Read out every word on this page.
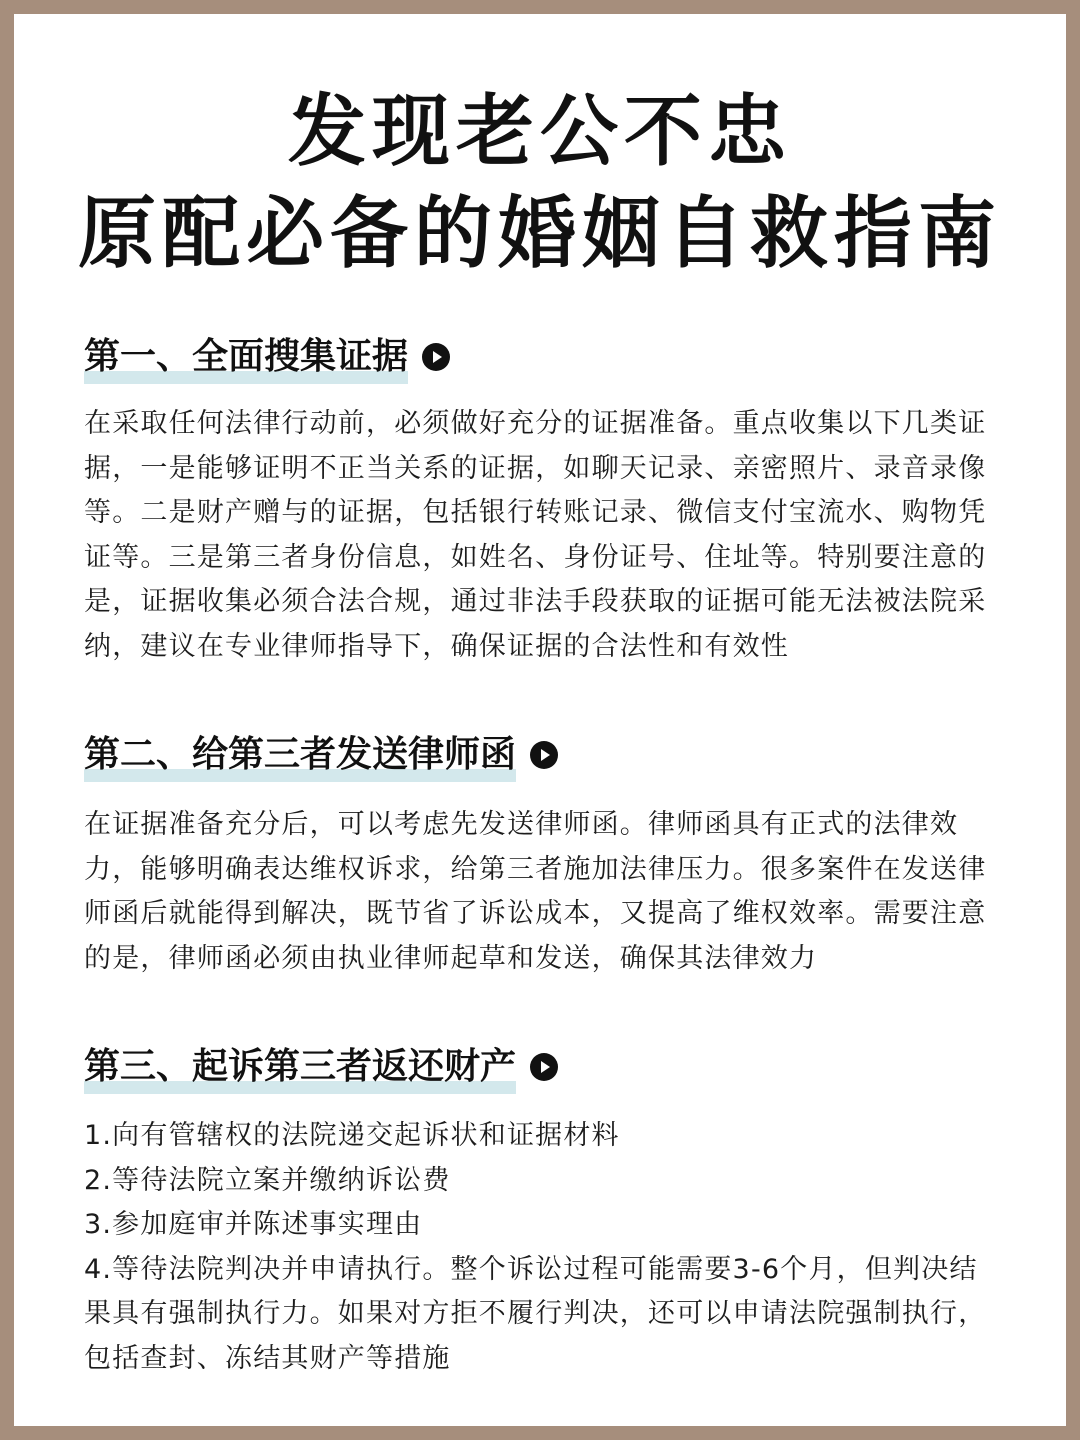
发现老公不忠
原配必备的婚姻自救指南
第一、全面搜集证据

在采取任何法律行动前，必须做好充分的证据准备。重点收集以下几类证据，一是能够证明不正当关系的证据，如聊天记录、亲密照片、录音录像等。二是财产赠与的证据，包括银行转账记录、微信支付宝流水、购物凭证等。三是第三者身份信息，如姓名、身份证号、住址等。特别要注意的是，证据收集必须合法合规，通过非法手段获取的证据可能无法被法院采纳，建议在专业律师指导下，确保证据的合法性和有效性

第二、给第三者发送律师函

在证据准备充分后，可以考虑先发送律师函。律师函具有正式的法律效力，能够明确表达维权诉求，给第三者施加法律压力。很多案件在发送律师函后就能得到解决，既节省了诉讼成本，又提高了维权效率。需要注意的是，律师函必须由执业律师起草和发送，确保其法律效力

第三、起诉第三者返还财产
1.向有管辖权的法院递交起诉状和证据材料
2.等待法院立案并缴纳诉讼费
3.参加庭审并陈述事实理由
4.等待法院判决并申请执行。整个诉讼过程可能需要3-6个月，但判决结果具有强制执行力。如果对方拒不履行判决，还可以申请法院强制执行，包括查封、冻结其财产等措施
